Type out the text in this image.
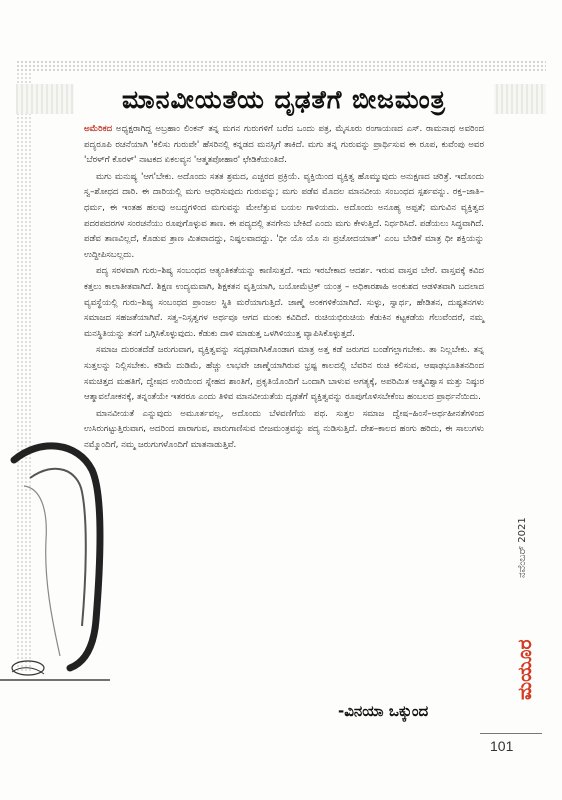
ಮಾನವೀಯತೆಯ ದೃಢತೆಗೆ ಬೀಜಮಂತ್ರ

ಅಮೆರಿಕದ ಅಧ್ಯಕ್ಷರಾಗಿದ್ದ ಅಬ್ರಹಾಂ ಲಿಂಕನ್ ತನ್ನ ಮಗನ ಗುರುಗಳಿಗೆ ಬರೆದ ಒಂದು ಪತ್ರ, ಮೈಸೂರು ರಂಗಾಯಣದ ಎಸ್. ರಾಮನಾಥ ಅವರಿಂದ ಪದ್ಯರೂಪಿ ರಚನೆಯಾಗಿ 'ಕಲಿಸು ಗುರುವೇ' ಹೆಸರಿನಲ್ಲಿ ಕನ್ನಡದ ಮನಸ್ಸಿಗೆ ತಾಕಿದೆ. ಮಗು ತನ್ನ ಗುರುವನ್ನು ಪ್ರಾರ್ಥಿಸುವ ಈ ರೂಪ, ಕುವೆಂಪು ಅವರ 'ಬೆರಳ್‌ಗೆ ಕೊರಳ್' ನಾಟಕದ ಏಕಲವ್ಯನ 'ಆತ್ಮತಪೋಹಾರ' ಛೇಡಿಕೆಯಂತಿದೆ.

ಮಗು ಮನುಷ್ಯ 'ಆಗ'ಬೇಕು. ಅದೊಂದು ಸತತ ಶ್ರಮದ, ಎಚ್ಚರದ ಪ್ರಕ್ರಿಯೆ. ವ್ಯಕ್ತಿಯಿಂದ ವ್ಯಕ್ತಿತ್ವ ಹೊಮ್ಮುವುದು ಅನುಕ್ಷಣದ ಚರಿತ್ರೆ. ಇದೊಂದು ಸ್ವ–ಶೋಧದ ದಾರಿ. ಈ ದಾರಿಯಲ್ಲಿ ಮಗು ಆಧರಿಸುವುದು ಗುರುವನ್ನು; ಮಗು ಪಡೆವ ಮೊದಲ ಮಾನವೀಯ ಸಂಬಂಧದ ಸ್ಪರ್ಶವನ್ನು. ರಕ್ತ–ಜಾತಿ–ಧರ್ಮ, ಈ ಇಂತಹ ಹಲವು ಅಬದ್ಧಗಳಿಂದ ಮಗುವನ್ನು ಮೇಲೆತ್ತುವ ಬಯಲ ಗಾಳಿಯದು. ಅದೊಂದು ಅನೂಹ್ಯ ಅಪ್ಪತೆ; ಮಗುವಿನ ವ್ಯಕ್ತಿತ್ವದ ಪದರಪದರಗಳ ಸಂರಚನೆಯು ರೂಪುಗೊಳ್ಳುವ ತಾಣ. ಈ ಪದ್ಯದಲ್ಲಿ ತನಗೇನು ಬೇಕಿದೆ ಎಂದು ಮಗು ಕೇಳುತ್ತಿದೆ. ನಿರ್ಧರಿಸಿದೆ. ಪಡೆಯಲು ಸಿದ್ಧವಾಗಿದೆ. ಪಡೆವ ತಾಣವಿಲ್ಲದೆ, ಕೊಡುವ ತ್ರಾಣ ಮಿತವಾದದ್ದು, ನಿಷ್ಫಲವಾದದ್ದು. 'ಧೀ ಯೊ ಯೊ ನಃ ಪ್ರಚೋದಯಾತ್' ಎಂಬ ಬೇಡಿಕೆ ಮಾತ್ರ ಧೀ ಶಕ್ತಿಯನ್ನು ಉದ್ದೀಪಿಸಬಲ್ಲದು.

ಪದ್ಯ ಸರಳವಾಗಿ ಗುರು–ಶಿಷ್ಯ ಸಂಬಂಧದ ಆತ್ಯಂತಿಕತೆಯನ್ನು ಕಾಣಿಸುತ್ತದೆ. ಇದು ಇರಬೇಕಾದ ಆದರ್ಶ. ಇರುವ ವಾಸ್ತವ ಬೇರೆ. ವಾಸ್ತವಕ್ಕೆ ಕವಿದ ಕತ್ತಲು ಕಾಲಾತೀತವಾಗಿದೆ. ಶಿಕ್ಷಣ ಉದ್ಯಮವಾಗಿ, ಶಿಕ್ಷಕತನ ವೃತ್ತಿಯಾಗಿ, ಬಯೋಮೆಟ್ರಿಕ್ ಯಂತ್ರ – ಅಧಿಕಾರಶಾಹಿ ಅಂಕುಶದ ಆಡಳಿತವಾಗಿ ಬದಲಾದ ವ್ಯವಸ್ಥೆಯಲ್ಲಿ ಗುರು–ಶಿಷ್ಯ ಸಂಬಂಧದ ಪ್ರಾಂಜಲ ಸ್ಥಿತಿ ಮರೆಯಾಗುತ್ತಿದೆ. ಜಾಣ್ಮೆ ಅಂಕಗಳಿಕೆಯಾಗಿದೆ. ಸುಳ್ಳು, ಸ್ವಾರ್ಥ, ಹೇಡಿತನ, ದುಷ್ಟತನಗಳು ಸಮಾಜದ ಸಹಜತೆಯಾಗಿವೆ. ಸತ್ವ–ನಿಸ್ಸತ್ವಗಳ ಅರ್ಥವೂ ಆಗದ ಮಂಕು ಕವಿದಿದೆ. ರುಚಿಯಭಿರುಚಿಯ ಕೆಡುಕಿನ ಕಟ್ಟಕಡೆಯ ಗೆಲುವೆಂದರೆ, ನಮ್ಮ ಮನಸ್ಥಿತಿಯನ್ನು ತನಗೆ ಒಗ್ಗಿಸಿಕೊಳ್ಳುವುದು. ಕೆಡುಕು ದಾಳಿ ಮಾಡುತ್ತ ಒಳಗಿಳಿಯುತ್ತ ವ್ಯಾಪಿಸಿಕೊಳ್ಳುತ್ತದೆ.

ಸಮಾಜ ದುರಂತದೆಡೆ ಜರುಗುವಾಗ, ವ್ಯಕ್ತಿತ್ವವನ್ನು ಸದೃಢವಾಗಿಸಿಕೊಂಡಾಗ ಮಾತ್ರ ಅತ್ತ ಕಡೆ ಜರುಗದ ಬಂಡೆಗಲ್ಲಾಗಬೇಕು. ತಾ ನಿಲ್ಲಬೇಕು. ತನ್ನ ಸುತ್ತಲನ್ನು ನಿಲ್ಲಿಸಬೇಕು. ಕಡಿಮೆ ದುಡಿಮೆ, ಹೆಚ್ಚು ಲಾಭವೇ ಜಾಣ್ಮೆಯಾಗಿರುವ ಭ್ರಷ್ಟ ಕಾಲದಲ್ಲಿ ಬೆವರಿನ ರುಚಿ ಕಲಿಸುವ, ಆಷಾಢಭೂತಿತನದಿಂದ ಸಮಚಿತ್ತದ ಮಹತಿಗೆ, ದ್ವೇಷದ ಉರಿಯಿಂದ ಸ್ನೇಹದ ಶಾಂತಿಗೆ, ಪ್ರಕೃತಿಯೊಂದಿಗೆ ಒಂದಾಗಿ ಬಾಳುವ ಅಗತ್ಯಕ್ಕೆ, ಅಪರಿಮಿತ ಆತ್ಮವಿಶ್ವಾಸ ಮತ್ತು ನಿಷ್ಠುರ ಆತ್ಮಾವಲೋಕನಕ್ಕೆ, ತನ್ನಂತೆಯೇ ಇತರರೂ ಎಂದು ತಿಳಿವ ಮಾನವೀಯತೆಯ ದೃಢತೆಗೆ ವ್ಯಕ್ತಿತ್ವವನ್ನು ರೂಪುಗೊಳಿಸಬೇಕೆಂಬ ಹಂಬಲದ ಪ್ರಾರ್ಥನೆಯಿದು.

ಮಾನವೀಯತೆ ಎನ್ನುವುದು ಅಮೂರ್ತವಲ್ಲ, ಅದೊಂದು ಬೆಳವಣಿಗೆಯ ಪಥ. ಸುತ್ತಲ ಸಮಾಜ ದ್ವೇಷ–ಹಿಂಸೆ–ಅರ್ಥಹೀನತೆಗಳಿಂದ ಉಸಿರುಗಟ್ಟುತ್ತಿರುವಾಗ, ಅದರಿಂದ ಪಾರಾಗುವ, ಪಾರುಗಾಣಿಸುವ ಬೀಜಮಂತ್ರವನ್ನು ಪದ್ಯ ನುಡಿಸುತ್ತಿದೆ. ದೇಶ–ಕಾಲದ ಹಂಗು ಹರಿದು, ಈ ಸಾಲುಗಳು ನಮ್ಮೊಂದಿಗೆ, ನಮ್ಮ ಜರುಗುಗಳೊಂದಿಗೆ ಮಾತನಾಡುತ್ತಿವೆ.

-ವಿನಯಾ ಒಕ್ಕುಂದ
ನವೆಂಬರ್ 2021
ಮಯೂರ
101
